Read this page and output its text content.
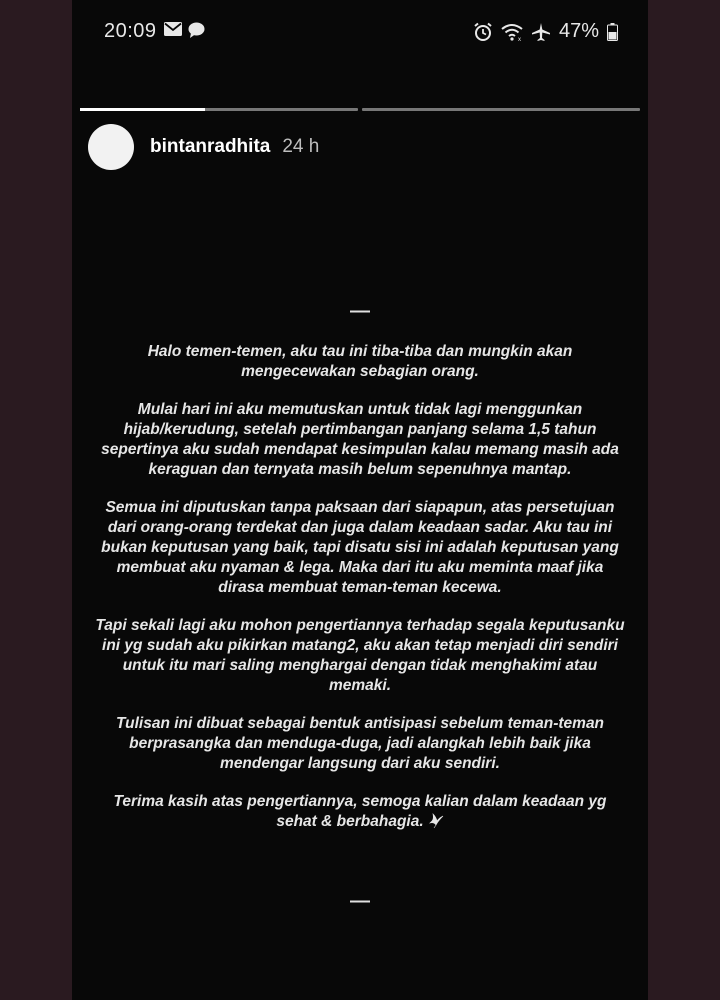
20:09	x 47%
bintanradhita 24 h
—

Halo temen-temen, aku tau ini tiba-tiba dan mungkin akan mengecewakan sebagian orang.

Mulai hari ini aku memutuskan untuk tidak lagi menggunkan hijab/kerudung, setelah pertimbangan panjang selama 1,5 tahun sepertinya aku sudah mendapat kesimpulan kalau memang masih ada keraguan dan ternyata masih belum sepenuhnya mantap.

Semua ini diputuskan tanpa paksaan dari siapapun, atas persetujuan dari orang-orang terdekat dan juga dalam keadaan sadar. Aku tau ini bukan keputusan yang baik, tapi disatu sisi ini adalah keputusan yang membuat aku nyaman & lega. Maka dari itu aku meminta maaf jika dirasa membuat teman-teman kecewa.

Tapi sekali lagi aku mohon pengertiannya terhadap segala keputusanku ini yg sudah aku pikirkan matang2, aku akan tetap menjadi diri sendiri untuk itu mari saling menghargai dengan tidak menghakimi atau memaki.

Tulisan ini dibuat sebagai bentuk antisipasi sebelum teman-teman berprasangka dan menduga-duga, jadi alangkah lebih baik jika mendengar langsung dari aku sendiri.

Terima kasih atas pengertiannya, semoga kalian dalam keadaan yg sehat & berbahagia.

—
